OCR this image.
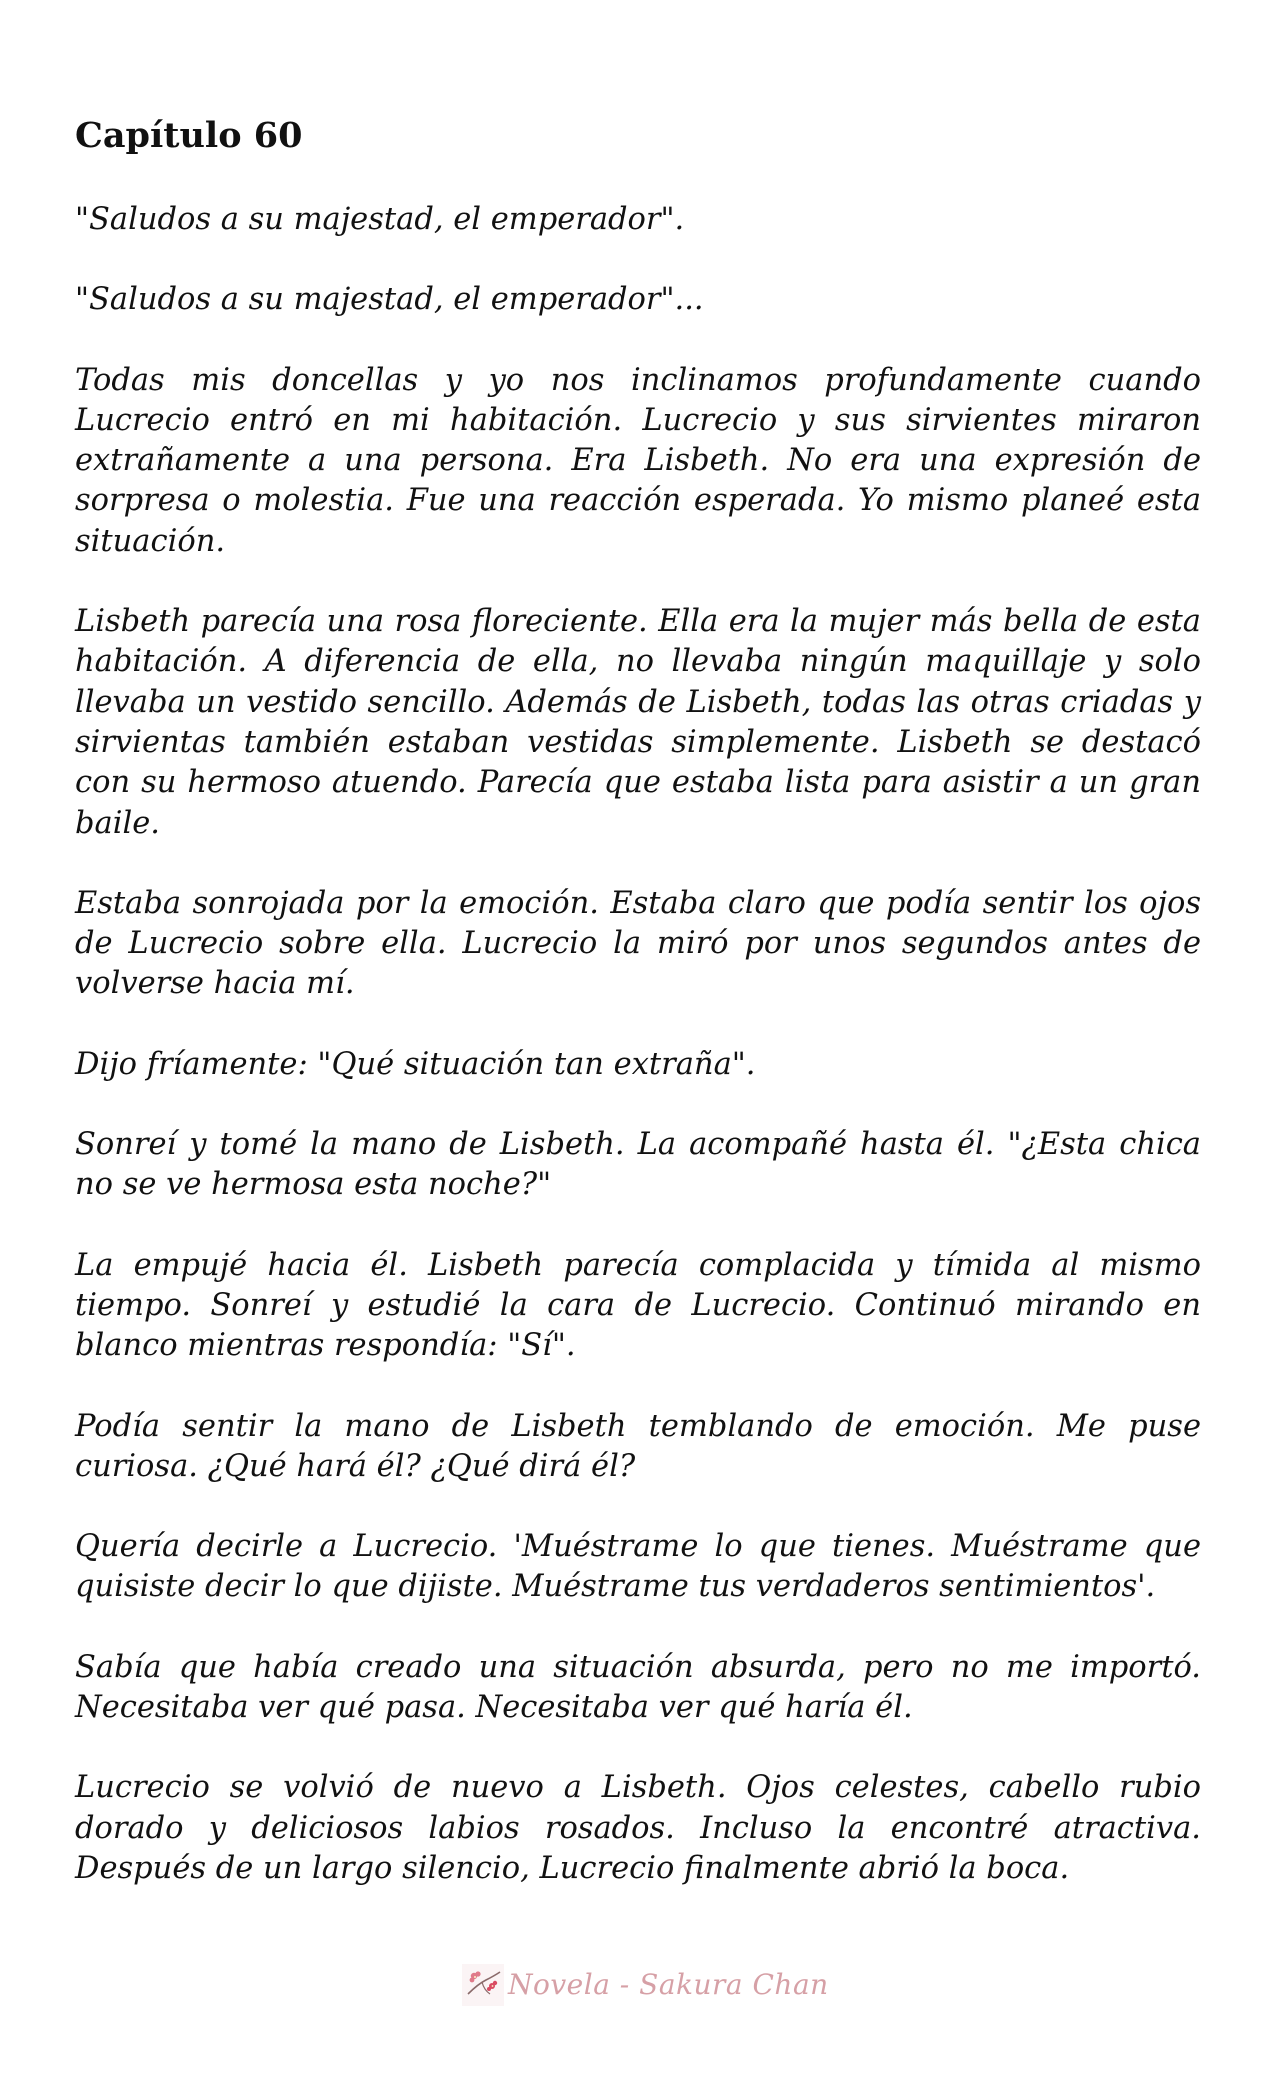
Capítulo 60

"Saludos a su majestad, el emperador".

"Saludos a su majestad, el emperador"...

Todas mis doncellas y yo nos inclinamos profundamente cuando Lucrecio entró en mi habitación. Lucrecio y sus sirvientes miraron extrañamente a una persona. Era Lisbeth. No era una expresión de sorpresa o molestia. Fue una reacción esperada. Yo mismo planeé esta situación.

Lisbeth parecía una rosa floreciente. Ella era la mujer más bella de esta habitación. A diferencia de ella, no llevaba ningún maquillaje y solo llevaba un vestido sencillo. Además de Lisbeth, todas las otras criadas y sirvientas también estaban vestidas simplemente. Lisbeth se destacó con su hermoso atuendo. Parecía que estaba lista para asistir a un gran baile.

Estaba sonrojada por la emoción. Estaba claro que podía sentir los ojos de Lucrecio sobre ella. Lucrecio la miró por unos segundos antes de volverse hacia mí.

Dijo fríamente: "Qué situación tan extraña".

Sonreí y tomé la mano de Lisbeth. La acompañé hasta él. "¿Esta chica no se ve hermosa esta noche?"

La empujé hacia él. Lisbeth parecía complacida y tímida al mismo tiempo. Sonreí y estudié la cara de Lucrecio. Continuó mirando en blanco mientras respondía: "Sí".

Podía sentir la mano de Lisbeth temblando de emoción. Me puse curiosa. ¿Qué hará él? ¿Qué dirá él?

Quería decirle a Lucrecio. 'Muéstrame lo que tienes. Muéstrame que quisiste decir lo que dijiste. Muéstrame tus verdaderos sentimientos'.

Sabía que había creado una situación absurda, pero no me importó. Necesitaba ver qué pasa. Necesitaba ver qué haría él.

Lucrecio se volvió de nuevo a Lisbeth. Ojos celestes, cabello rubio dorado y deliciosos labios rosados. Incluso la encontré atractiva. Después de un largo silencio, Lucrecio finalmente abrió la boca.

Novela - Sakura Chan
